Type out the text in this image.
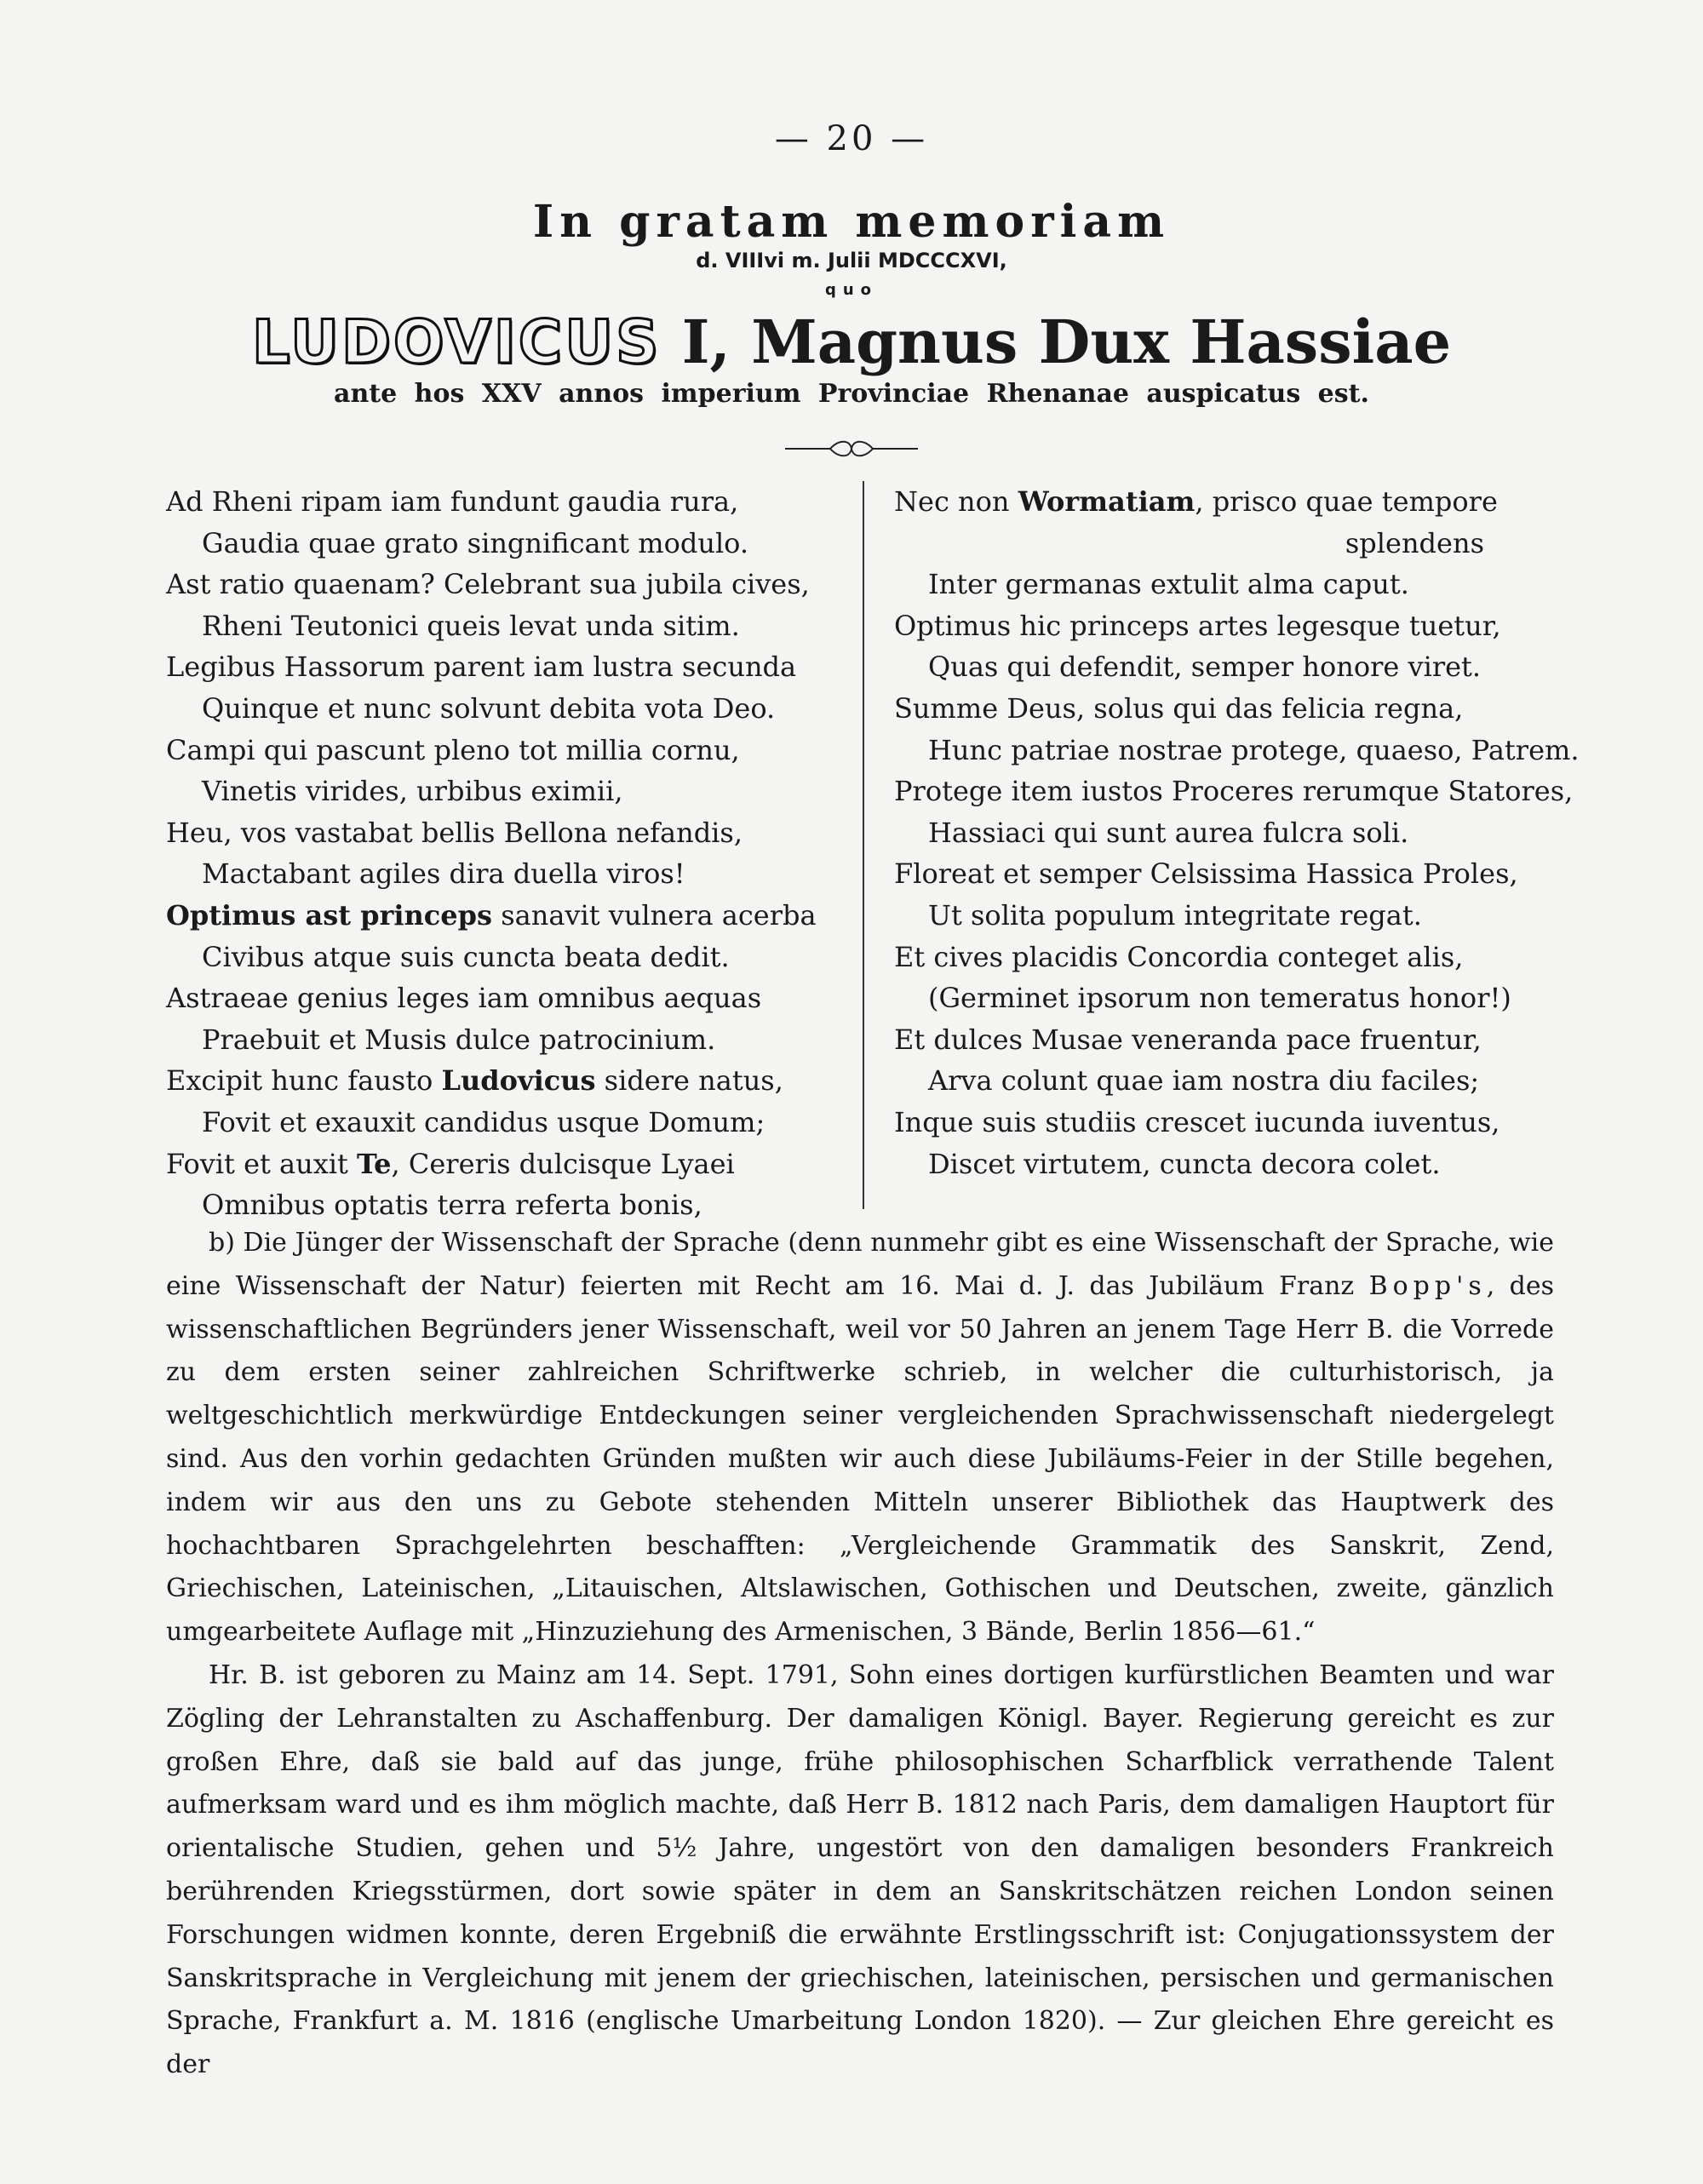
— 20 —
In gratam memoriam
d. VIIIvi m. Julii MDCCCXVI,
quo
LUDOVICUS I, Magnus Dux Hassiae
ante hos XXV annos imperium Provinciae Rhenanae auspicatus est.
Ad Rheni ripam iam fundunt gaudia rura,
Gaudia quae grato singnificant modulo.
Ast ratio quaenam? Celebrant sua jubila cives,
Rheni Teutonici queis levat unda sitim.
Legibus Hassorum parent iam lustra secunda
Quinque et nunc solvunt debita vota Deo.
Campi qui pascunt pleno tot millia cornu,
Vinetis virides, urbibus eximii,
Heu, vos vastabat bellis Bellona nefandis,
Mactabant agiles dira duella viros!
Optimus ast princeps sanavit vulnera acerba
Civibus atque suis cuncta beata dedit.
Astraeae genius leges iam omnibus aequas
Praebuit et Musis dulce patrocinium.
Excipit hunc fausto Ludovicus sidere natus,
Fovit et exauxit candidus usque Domum;
Fovit et auxit Te, Cereris dulcisque Lyaei
Omnibus optatis terra referta bonis,
Nec non Wormatiam, prisco quae tempore
splendens
Inter germanas extulit alma caput.
Optimus hic princeps artes legesque tuetur,
Quas qui defendit, semper honore viret.
Summe Deus, solus qui das felicia regna,
Hunc patriae nostrae protege, quaeso, Patrem.
Protege item iustos Proceres rerumque Statores,
Hassiaci qui sunt aurea fulcra soli.
Floreat et semper Celsissima Hassica Proles,
Ut solita populum integritate regat.
Et cives placidis Concordia conteget alis,
(Germinet ipsorum non temeratus honor!)
Et dulces Musae veneranda pace fruentur,
Arva colunt quae iam nostra diu faciles;
Inque suis studiis crescet iucunda iuventus,
Discet virtutem, cuncta decora colet.

b) Die Jünger der Wissenschaft der Sprache (denn nunmehr gibt es eine Wissenschaft der Sprache, wie eine Wissenschaft der Natur) feierten mit Recht am 16. Mai d. J. das Jubiläum Franz Bopp's, des wissenschaftlichen Begründers jener Wissenschaft, weil vor 50 Jahren an jenem Tage Herr B. die Vorrede zu dem ersten seiner zahlreichen Schriftwerke schrieb, in welcher die culturhistorisch, ja weltgeschichtlich merkwürdige Entdeckungen seiner vergleichenden Sprachwissenschaft niedergelegt sind. Aus den vorhin gedachten Gründen mußten wir auch diese Jubiläums-Feier in der Stille begehen, indem wir aus den uns zu Gebote stehenden Mitteln unserer Bibliothek das Hauptwerk des hochachtbaren Sprachgelehrten beschafften: „Vergleichende Grammatik des Sanskrit, Zend, Griechischen, Lateinischen, „Litauischen, Altslawischen, Gothischen und Deutschen, zweite, gänzlich umgearbeitete Auflage mit „Hinzuziehung des Armenischen, 3 Bände, Berlin 1856—61.“

Hr. B. ist geboren zu Mainz am 14. Sept. 1791, Sohn eines dortigen kurfürstlichen Beamten und war Zögling der Lehranstalten zu Aschaffenburg. Der damaligen Königl. Bayer. Regierung gereicht es zur großen Ehre, daß sie bald auf das junge, frühe philosophischen Scharfblick verrathende Talent aufmerksam ward und es ihm möglich machte, daß Herr B. 1812 nach Paris, dem damaligen Hauptort für orientalische Studien, gehen und 5½ Jahre, ungestört von den damaligen besonders Frankreich berührenden Kriegsstürmen, dort sowie später in dem an Sanskritschätzen reichen London seinen Forschungen widmen konnte, deren Ergebniß die erwähnte Erstlingsschrift ist: Conjugationssystem der Sanskritsprache in Vergleichung mit jenem der griechischen, lateinischen, persischen und germanischen Sprache, Frankfurt a. M. 1816 (englische Umarbeitung London 1820). — Zur gleichen Ehre gereicht es der
